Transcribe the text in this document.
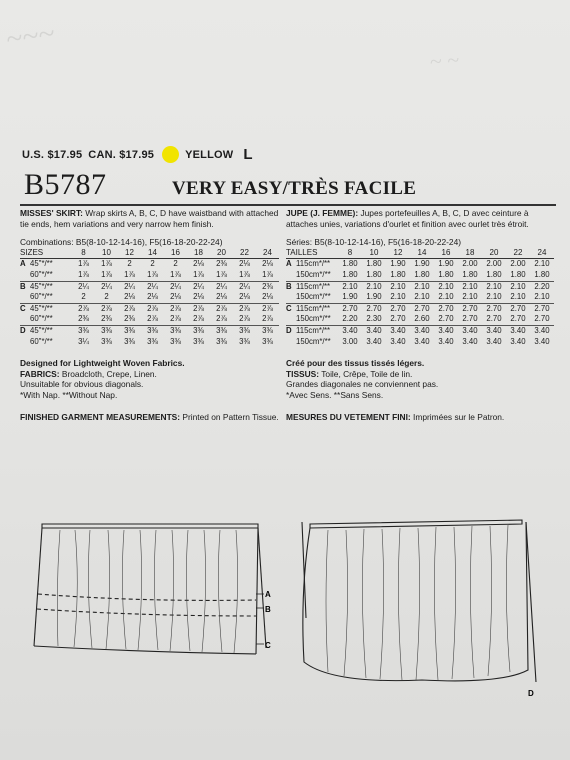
~~~
~ ~
U.S. $17.95 CAN. $17.95	YELLOW L
B5787	VERY EASY/TRÈS FACILE
MISSES' SKIRT: Wrap skirts A, B, C, D have waistband with attached tie ends, hem variations and very narrow hem finish.
Combinations: B5(8-10-12-14-16), F5(16-18-20-22-24)
SIZES		8	10	12	14	16	18	20	22	24
A	45"*/**	1⅞	1⅞	2	2	2	2⅛	2⅜	2⅛	2⅛
	60"*/**	1⅞	1⅞	1⅞	1⅞	1⅞	1⅞	1⅞	1⅞	1⅞
B	45"*/**	2¼	2¼	2¼	2¼	2¼	2¼	2¼	2¼	2⅜
	60"*/**	2	2	2⅛	2⅛	2⅛	2⅛	2⅛	2⅛	2⅛
C	45"*/**	2⅞	2⅞	2⅞	2⅞	2⅞	2⅞	2⅞	2⅞	2⅞
	60"*/**	2⅜	2⅜	2⅜	2⅞	2⅞	2⅞	2⅞	2⅞	2⅞
D	45"*/**	3⅜	3⅜	3⅜	3⅜	3⅜	3⅜	3⅜	3⅜	3⅜
	60"*/**	3¼	3⅜	3⅜	3⅜	3⅜	3⅜	3⅜	3⅜	3⅜
Designed for Lightweight Woven Fabrics.
FABRICS: Broadcloth, Crepe, Linen.
Unsuitable for obvious diagonals.
*With Nap. **Without Nap.
FINISHED GARMENT MEASUREMENTS: Printed on Pattern Tissue.
JUPE (J. FEMME): Jupes portefeuilles A, B, C, D avec ceinture à attaches unies, variations d'ourlet et finition avec ourlet très étroit.
Séries: B5(8-10-12-14-16), F5(16-18-20-22-24)
TAILLES		8	10	12	14	16	18	20	22	24
A	115cm*/**	1.80	1.80	1.90	1.90	1.90	2.00	2.00	2.00	2.10
	150cm*/**	1.80	1.80	1.80	1.80	1.80	1.80	1.80	1.80	1.80
B	115cm*/**	2.10	2.10	2.10	2.10	2.10	2.10	2.10	2.10	2.20
	150cm*/**	1.90	1.90	2.10	2.10	2.10	2.10	2.10	2.10	2.10
C	115cm*/**	2.70	2.70	2.70	2.70	2.70	2.70	2.70	2.70	2.70
	150cm*/**	2.20	2.30	2.70	2.60	2.70	2.70	2.70	2.70	2.70
D	115cm*/**	3.40	3.40	3.40	3.40	3.40	3.40	3.40	3.40	3.40
	150cm*/**	3.00	3.40	3.40	3.40	3.40	3.40	3.40	3.40	3.40
Créé pour des tissus tissés légers.
TISSUS: Toile, Crêpe, Toile de lin.
Grandes diagonales ne conviennent pas.
*Avec Sens. **Sans Sens.
MESURES DU VETEMENT FINI: Imprimées sur le Patron.
A
B
C
D
